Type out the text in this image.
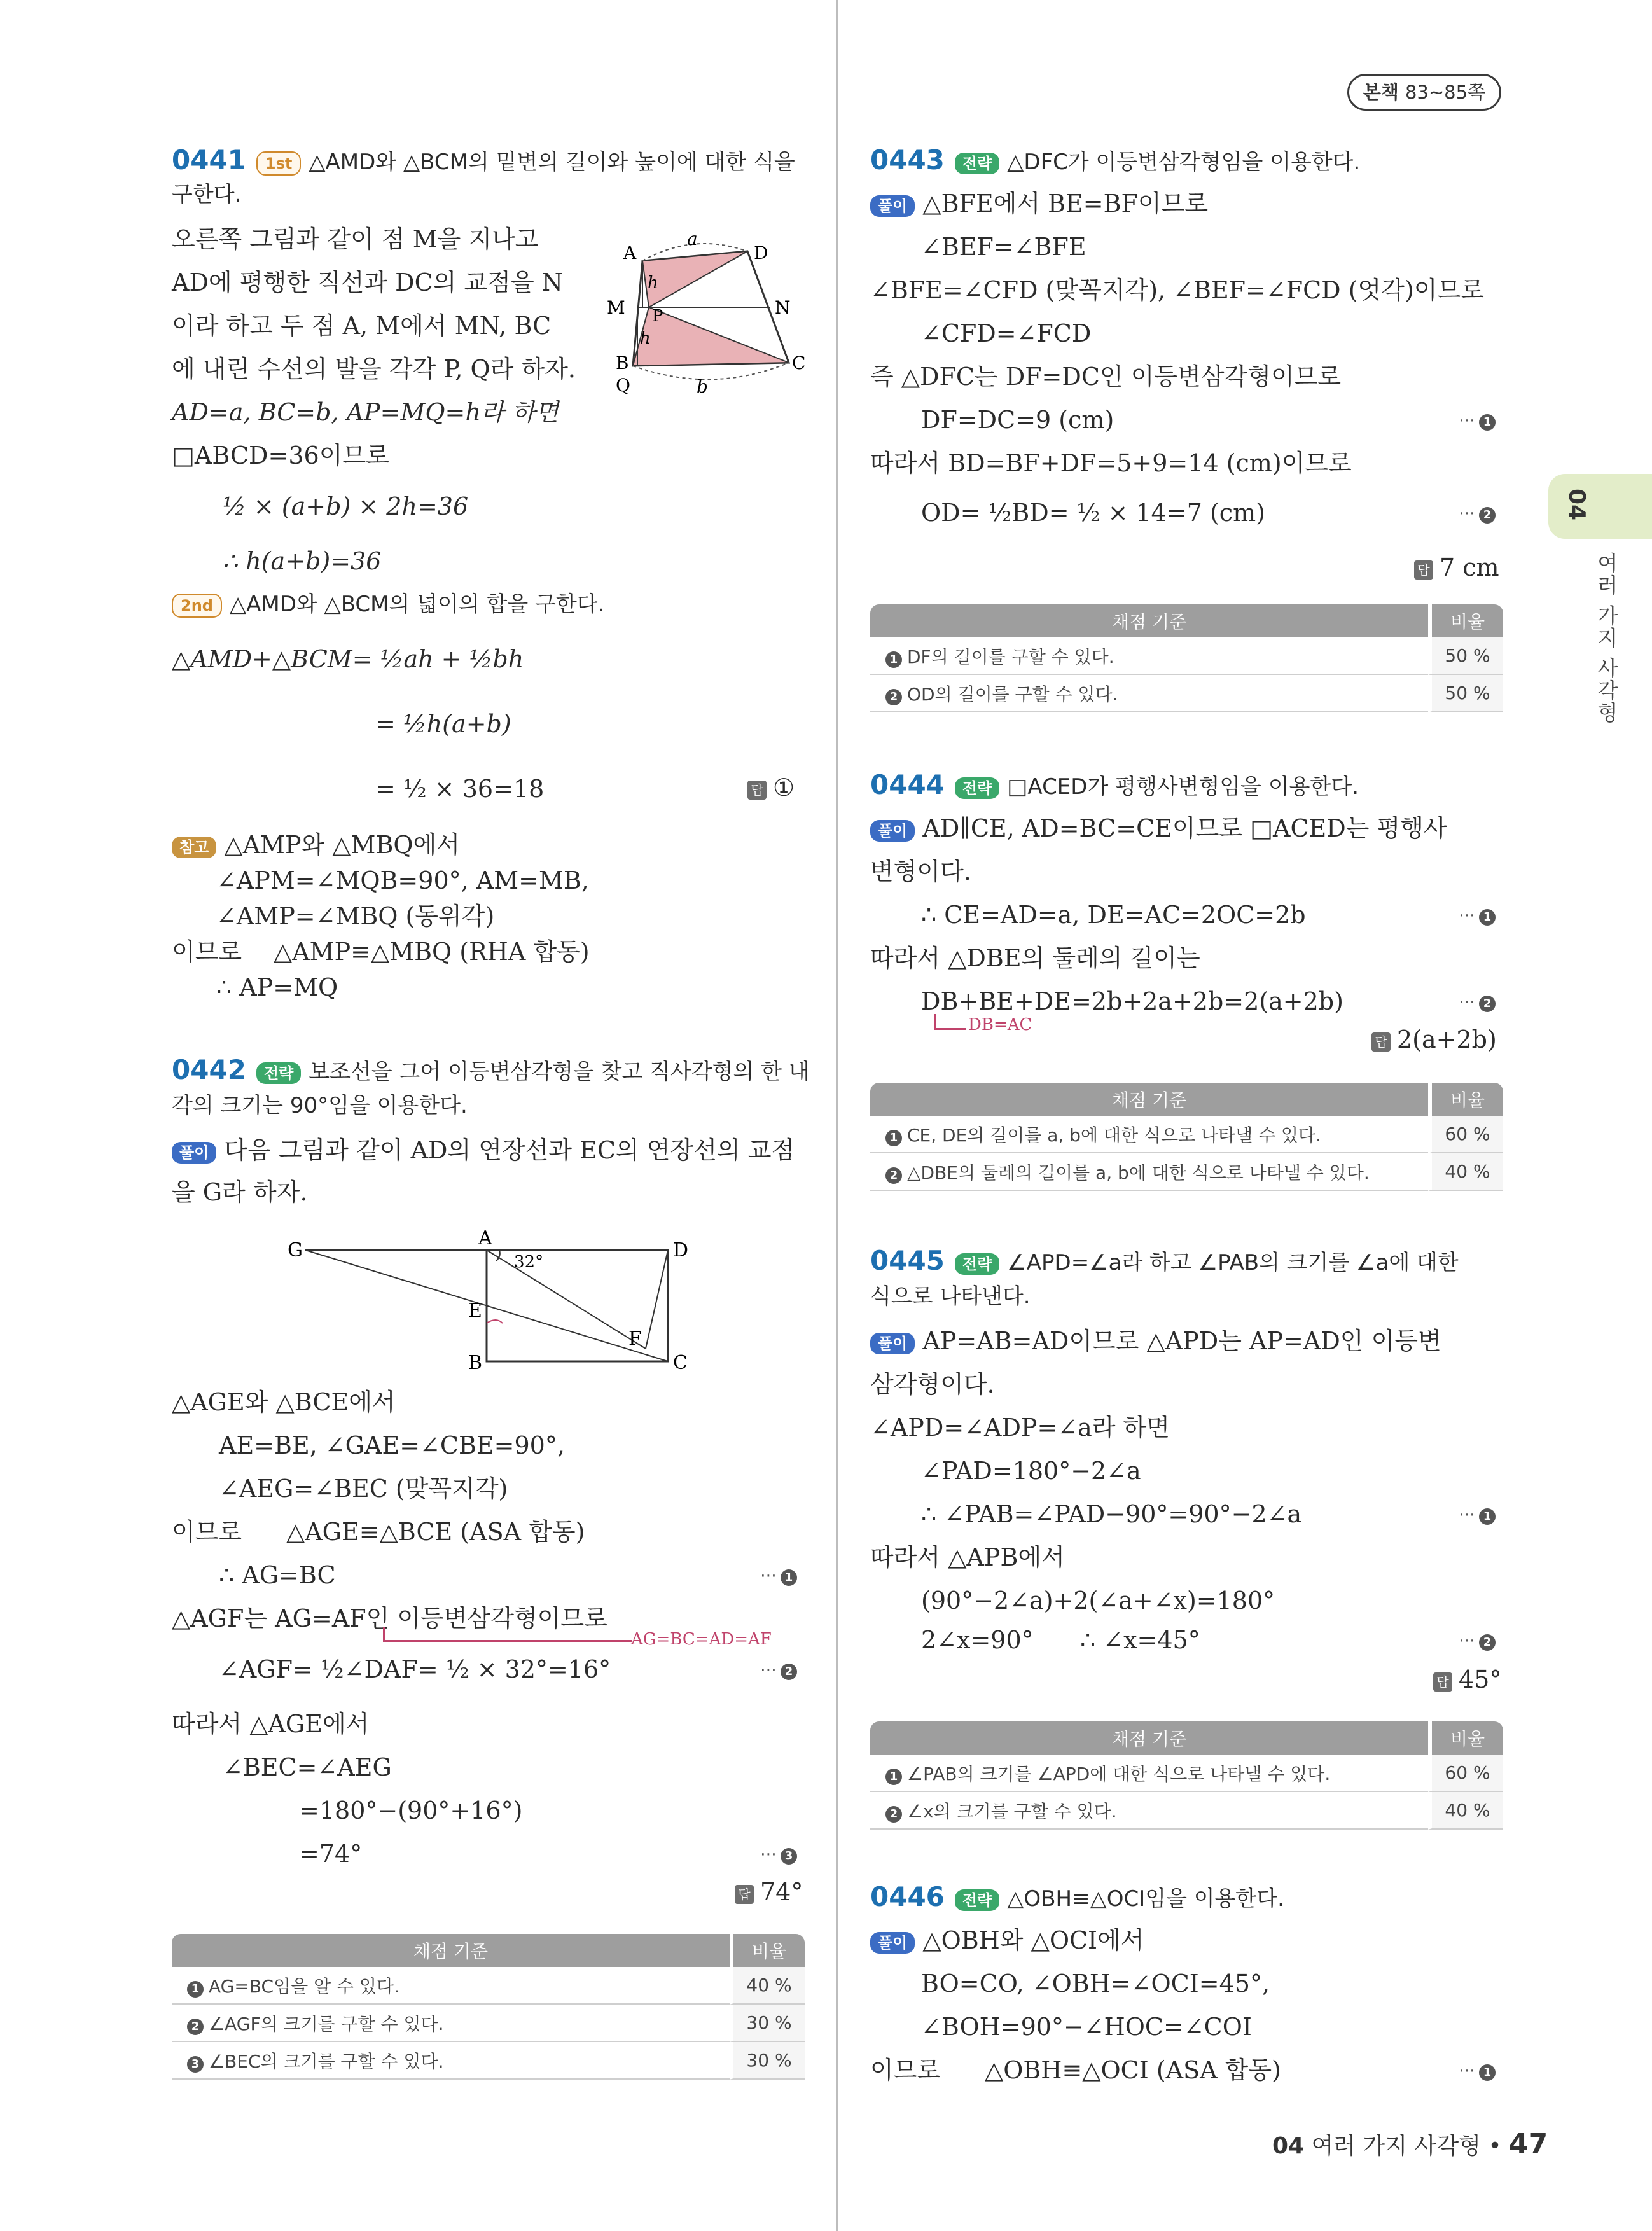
본책 83~85쪽
04
여러 가지 사각형
0441 1st △AMD와 △BCM의 밑변의 길이와 높이에 대한 식을
구한다.
오른쪽 그림과 같이 점 M을 지나고
AD에 평행한 직선과 DC의 교점을 N
이라 하고 두 점 A, M에서 MN, BC
에 내린 수선의 발을 각각 P, Q라 하자.
AD=a, BC=b, AP=MQ=h라 하면
□ABCD=36이므로
½ × (a+b) × 2h=36
∴ h(a+b)=36
2nd △AMD와 △BCM의 넓이의 합을 구한다.
△AMD+△BCM= ½ah + ½bh
= ½h(a+b)
= ½ × 36=18	답 ①
참고 △AMP와 △MBQ에서
∠APM=∠MQB=90°, AM=MB,
∠AMP=∠MBQ (동위각)
이므로 △AMP≡△MBQ (RHA 합동)
∴ AP=MQ
0442 전략 보조선을 그어 이등변삼각형을 찾고 직사각형의 한 내
각의 크기는 90°임을 이용한다.
풀이 다음 그림과 같이 AD의 연장선과 EC의 연장선의 교점
을 G라 하자.
△AGE와 △BCE에서
AE=BE, ∠GAE=∠CBE=90°,
∠AEG=∠BEC (맞꼭지각)
이므로 △AGE≡△BCE (ASA 합동)
∴ AG=BC	⋯ 1
△AGF는 AG=AF인 이등변삼각형이므로
AG=BC=AD=AF
∠AGF= ½∠DAF= ½ × 32°=16°	⋯ 2
따라서 △AGE에서
∠BEC=∠AEG
=180°−(90°+16°)
=74°	⋯ 3
답 74°
채점 기준	비율
1 AG=BC임을 알 수 있다.	40 %
2 ∠AGF의 크기를 구할 수 있다.	30 %
3 ∠BEC의 크기를 구할 수 있다.	30 %
A	D
M	N
P
B	C
Q
a
b
h
h
G
A
D
E
F
B	C
32°
0443 전략 △DFC가 이등변삼각형임을 이용한다.
풀이 △BFE에서 BE=BF이므로
∠BEF=∠BFE
∠BFE=∠CFD (맞꼭지각), ∠BEF=∠FCD (엇각)이므로
∠CFD=∠FCD
즉 △DFC는 DF=DC인 이등변삼각형이므로
DF=DC=9 (cm)	⋯ 1
따라서 BD=BF+DF=5+9=14 (cm)이므로
OD= ½BD= ½ × 14=7 (cm)	⋯ 2
답 7 cm
채점 기준	비율
1 DF의 길이를 구할 수 있다.	50 %
2 OD의 길이를 구할 수 있다.	50 %
0444 전략 □ACED가 평행사변형임을 이용한다.
풀이 AD∥CE, AD=BC=CE이므로 □ACED는 평행사
변형이다.
∴ CE=AD=a, DE=AC=2OC=2b	⋯ 1
따라서 △DBE의 둘레의 길이는
DB+BE+DE=2b+2a+2b=2(a+2b)	⋯ 2
DB=AC
답 2(a+2b)
채점 기준	비율
1 CE, DE의 길이를 a, b에 대한 식으로 나타낼 수 있다.	60 %
2 △DBE의 둘레의 길이를 a, b에 대한 식으로 나타낼 수 있다.	40 %
0445 전략 ∠APD=∠a라 하고 ∠PAB의 크기를 ∠a에 대한
식으로 나타낸다.
풀이 AP=AB=AD이므로 △APD는 AP=AD인 이등변
삼각형이다.
∠APD=∠ADP=∠a라 하면
∠PAD=180°−2∠a
∴ ∠PAB=∠PAD−90°=90°−2∠a	⋯ 1
따라서 △APB에서
(90°−2∠a)+2(∠a+∠x)=180°
2∠x=90° ∴ ∠x=45°	⋯ 2
답 45°
채점 기준	비율
1 ∠PAB의 크기를 ∠APD에 대한 식으로 나타낼 수 있다.	60 %
2 ∠x의 크기를 구할 수 있다.	40 %
0446 전략 △OBH≡△OCI임을 이용한다.
풀이 △OBH와 △OCI에서
BO=CO, ∠OBH=∠OCI=45°,
∠BOH=90°−∠HOC=∠COI
이므로 △OBH≡△OCI (ASA 합동)	⋯ 1
04 여러 가지 사각형 • 47
